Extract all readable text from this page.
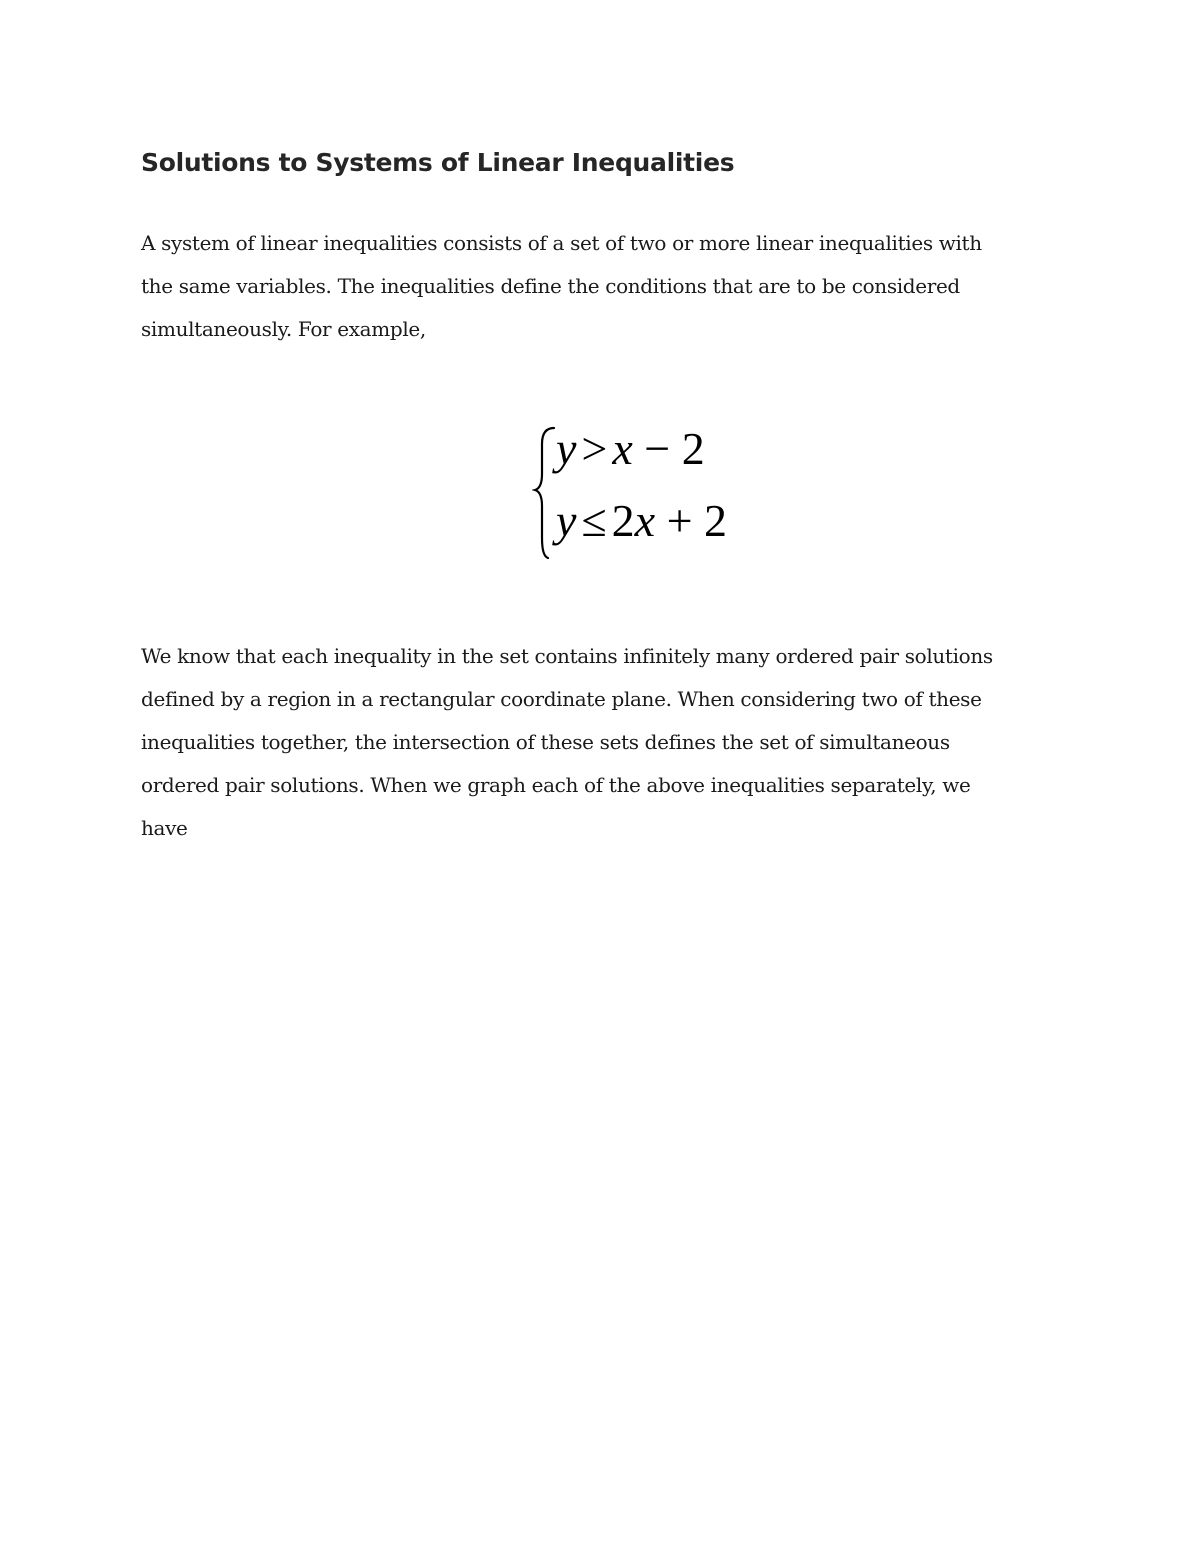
Solutions to Systems of Linear Inequalities
A system of linear inequalities consists of a set of two or more linear inequalities with
the same variables. The inequalities define the conditions that are to be considered
simultaneously. For example,
y > x − 2
y ≤ 2x + 2
We know that each inequality in the set contains infinitely many ordered pair solutions
defined by a region in a rectangular coordinate plane. When considering two of these
inequalities together, the intersection of these sets defines the set of simultaneous
ordered pair solutions. When we graph each of the above inequalities separately, we
have
